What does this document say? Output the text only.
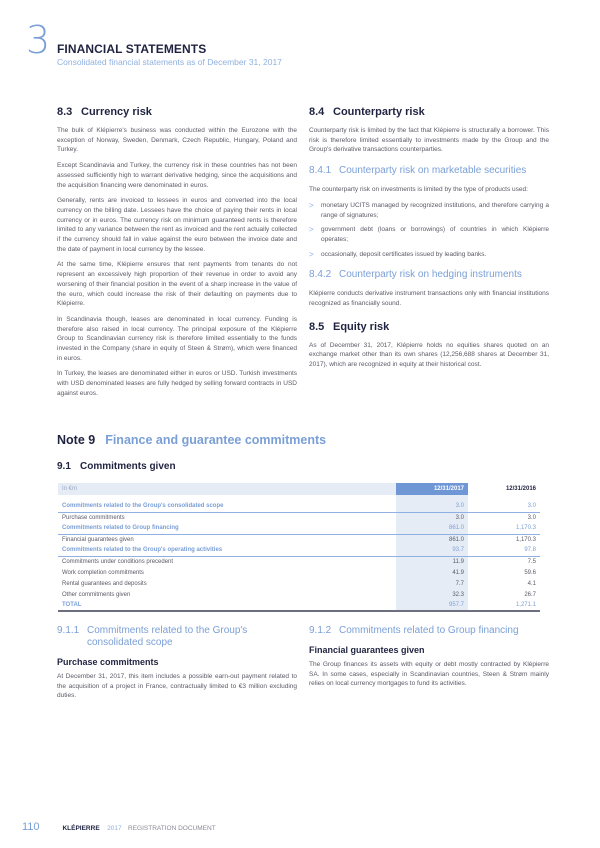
3 FINANCIAL STATEMENTS
Consolidated financial statements as of December 31, 2017
8.3 Currency risk

The bulk of Klépierre's business was conducted within the Eurozone with the exception of Norway, Sweden, Denmark, Czech Republic, Hungary, Poland and Turkey.

Except Scandinavia and Turkey, the currency risk in these countries has not been assessed sufficiently high to warrant derivative hedging, since the acquisitions and the acquisition financing were denominated in euros.

Generally, rents are invoiced to lessees in euros and converted into the local currency on the billing date. Lessees have the choice of paying their rents in local currency or in euros. The currency risk on minimum guaranteed rents is therefore limited to any variance between the rent as invoiced and the rent actually collected if the currency should fall in value against the euro between the invoice date and the date of payment in local currency by the lessee.

At the same time, Klépierre ensures that rent payments from tenants do not represent an excessively high proportion of their revenue in order to avoid any worsening of their financial position in the event of a sharp increase in the value of the euro, which could increase the risk of their defaulting on payments due to Klépierre.

In Scandinavia though, leases are denominated in local currency. Funding is therefore also raised in local currency. The principal exposure of the Klépierre Group to Scandinavian currency risk is therefore limited essentially to the funds invested in the Company (share in equity of Steen & Strøm), which were financed in euros.

In Turkey, the leases are denominated either in euros or USD. Turkish investments with USD denominated leases are fully hedged by selling forward contracts in USD against euros.

8.4 Counterparty risk

Counterparty risk is limited by the fact that Klépierre is structurally a borrower. This risk is therefore limited essentially to investments made by the Group and the Group's derivative transactions counterparties.

8.4.1 Counterparty risk on marketable securities

The counterparty risk on investments is limited by the type of products used:

> monetary UCITS managed by recognized institutions, and therefore carrying a range of signatures;
> government debt (loans or borrowings) of countries in which Klépierre operates;
> occasionally, deposit certificates issued by leading banks.
8.4.2 Counterparty risk on hedging instruments

Klépierre conducts derivative instrument transactions only with financial institutions recognized as financially sound.

8.5 Equity risk

As of December 31, 2017, Klépierre holds no equities shares quoted on an exchange market other than its own shares (12,256,688 shares at December 31, 2017), which are recognized in equity at their historical cost.

Note 9 Finance and guarantee commitments
9.1 Commitments given
In €m	12/31/2017	12/31/2016

Commitments related to the Group's consolidated scope	3.0	3.0
Purchase commitments	3.0	3.0
Commitments related to Group financing	861.0	1,170.3
Financial guarantees given	861.0	1,170.3
Commitments related to the Group's operating activities	93.7	97.8
Commitments under conditions precedent	11.9	7.5
Work completion commitments	41.9	59.6
Rental guarantees and deposits	7.7	4.1
Other commitments given	32.3	26.7
TOTAL	957.7	1,271.1
9.1.1 Commitments related to the Group's consolidated scope
Purchase commitments

At December 31, 2017, this item includes a possible earn-out payment related to the acquisition of a project in France, contractually limited to €3 million excluding duties.

9.1.2 Commitments related to Group financing
Financial guarantees given

The Group finances its assets with equity or debt mostly contracted by Klépierre SA. In some cases, especially in Scandinavian countries, Steen & Strøm mainly relies on local currency mortgages to fund its activities.

110	KLÉPIERRE 2017 REGISTRATION DOCUMENT
